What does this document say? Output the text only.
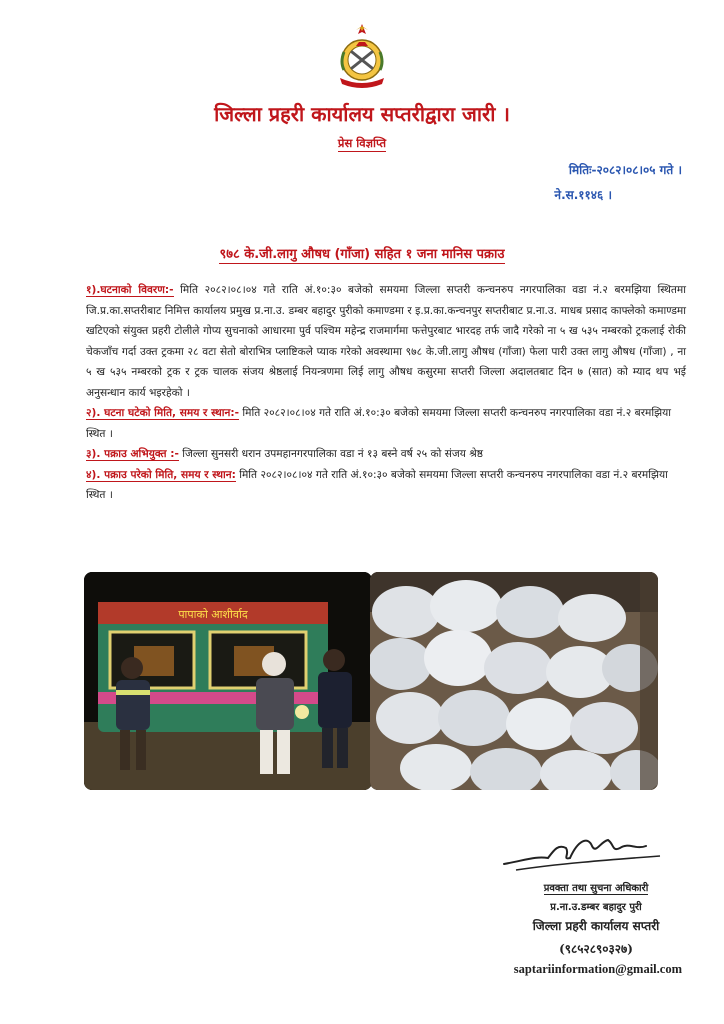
जिल्ला प्रहरी कार्यालय सप्तरीद्वारा जारी ।
प्रेस विज्ञप्ति
मितिः-२०८२।०८।०५ गते ।
ने.स.११४६ ।
९७८ के.जी.लागु औषध (गाँजा) सहित १ जना मानिस पक्राउ

१).घटनाको विवरण:- मिति २०८२।०८।०४ गते राति अं.१०:३० बजेको समयमा जिल्ला सप्तरी कन्चनरुप नगरपालिका वडा नं.२ बरमझिया स्थितमा जि.प्र.का.सप्तरीबाट निमित्त कार्यालय प्रमुख प्र.ना.उ. डम्बर बहादुर पुरीको कमाण्डमा र इ.प्र.का.कन्चनपुर सप्तरीबाट प्र.ना.उ. माधब प्रसाद काफ्लेको कमाण्डमा खटिएको संयुक्त प्रहरी टोलीले गोप्य सुचनाको आधारमा पुर्व पश्चिम महेन्द्र राजमार्गमा फत्तेपुरबाट भारदह तर्फ जादै गरेको ना ५ ख ५३५ नम्बरको ट्रकलाई रोकी चेकजाँच गर्दा उक्त ट्रकमा २८ वटा सेतो बोराभित्र प्लाष्टिकले प्याक गरेको अवस्थामा ९७८ के.जी.लागु औषध (गाँजा) फेला पारी उक्त लागु औषध (गाँजा) , ना ५ ख ५३५ नम्बरको ट्रक र ट्रक चालक संजय श्रेष्ठलाई नियन्त्रणमा लिई लागु औषध कसुरमा सप्तरी जिल्ला अदालतबाट दिन ७ (सात) को म्याद थप भई अनुसन्धान कार्य भइरहेको ।

२). घटना घटेको मिति, समय र स्थान:- मिति २०८२।०८।०४ गते राति अं.१०:३० बजेको समयमा जिल्ला सप्तरी कन्चनरुप नगरपालिका वडा नं.२ बरमझिया स्थित ।

३). पक्राउ अभियुक्त :- जिल्ला सुनसरी धरान उपमहानगरपालिका वडा नं १३ बस्ने वर्ष २५ को संजय श्रेष्ठ

४). पक्राउ परेको मिति, समय र स्थान: मिति २०८२।०८।०४ गते राति अं.१०:३० बजेको समयमा जिल्ला सप्तरी कन्चनरुप नगरपालिका वडा नं.२ बरमझिया स्थित ।

पापाको आशीर्वाद
प्रवक्ता तथा सुचना अधिकारी
प्र.ना.उ.डम्बर बहादुर पुरी
जिल्ला प्रहरी कार्यालय सप्तरी
(९८५२८९०३२७)
saptariinformation@gmail.com
